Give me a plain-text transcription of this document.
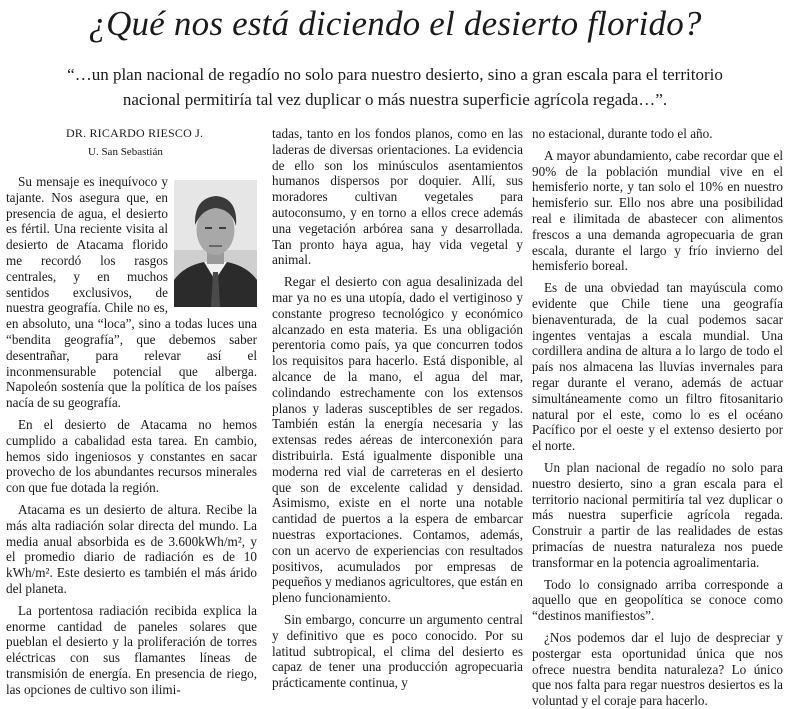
¿Qué nos está diciendo el desierto florido?
“…un plan nacional de regadío no solo para nuestro desierto, sino a gran escala para el territorio nacional permitiría tal vez duplicar o más nuestra superficie agrícola regada…”.
DR. RICARDO RIESCO J.
U. San Sebastián

Su mensaje es inequívoco y tajante. Nos asegura que, en presencia de agua, el desierto es fértil. Una reciente visita al desierto de Atacama florido me recordó los rasgos centrales, y en muchos sentidos exclusivos, de nuestra geografía. Chile no es, en absoluto, una “loca”, sino a todas luces una “bendita geografía”, que debemos saber desentrañar, para relevar así el inconmensurable potencial que alberga. Napoleón sostenía que la política de los países nacía de su geografía.

En el desierto de Atacama no hemos cumplido a cabalidad esta tarea. En cambio, hemos sido ingeniosos y constantes en sacar provecho de los abundantes recursos minerales con que fue dotada la región.

Atacama es un desierto de altura. Recibe la más alta radiación solar directa del mundo. La media anual absorbida es de 3.600kWh/m², y el promedio diario de radiación es de 10 kWh/m². Este desierto es también el más árido del planeta.

La portentosa radiación recibida explica la enorme cantidad de paneles solares que pueblan el desierto y la proliferación de torres eléctricas con sus flamantes líneas de transmisión de energía. En presencia de riego, las opciones de cultivo son ilimi-

tadas, tanto en los fondos planos, como en las laderas de diversas orientaciones. La evidencia de ello son los minúsculos asentamientos humanos dispersos por doquier. Allí, sus moradores cultivan vegetales para autoconsumo, y en torno a ellos crece además una vegetación arbórea sana y desarrollada. Tan pronto haya agua, hay vida vegetal y animal.

Regar el desierto con agua desalinizada del mar ya no es una utopía, dado el vertiginoso y constante progreso tecnológico y económico alcanzado en esta materia. Es una obligación perentoria como país, ya que concurren todos los requisitos para hacerlo. Está disponible, al alcance de la mano, el agua del mar, colindando estrechamente con los extensos planos y laderas susceptibles de ser regados. También están la energía necesaria y las extensas redes aéreas de interconexión para distribuirla. Está igualmente disponible una moderna red vial de carreteras en el desierto que son de excelente calidad y densidad. Asimismo, existe en el norte una notable cantidad de puertos a la espera de embarcar nuestras exportaciones. Contamos, además, con un acervo de experiencias con resultados positivos, acumulados por empresas de pequeños y medianos agricultores, que están en pleno funcionamiento.

Sin embargo, concurre un argumento central y definitivo que es poco conocido. Por su latitud subtropical, el clima del desierto es capaz de tener una producción agropecuaria prácticamente continua, y

no estacional, durante todo el año.

A mayor abundamiento, cabe recordar que el 90% de la población mundial vive en el hemisferio norte, y tan solo el 10% en nuestro hemisferio sur. Ello nos abre una posibilidad real e ilimitada de abastecer con alimentos frescos a una demanda agropecuaria de gran escala, durante el largo y frío invierno del hemisferio boreal.

Es de una obviedad tan mayúscula como evidente que Chile tiene una geografía bienaventurada, de la cual podemos sacar ingentes ventajas a escala mundial. Una cordillera andina de altura a lo largo de todo el país nos almacena las lluvias invernales para regar durante el verano, además de actuar simultáneamente como un filtro fitosanitario natural por el este, como lo es el océano Pacífico por el oeste y el extenso desierto por el norte.

Un plan nacional de regadío no solo para nuestro desierto, sino a gran escala para el territorio nacional permitiría tal vez duplicar o más nuestra superficie agrícola regada. Construir a partir de las realidades de estas primacías de nuestra naturaleza nos puede transformar en la potencia agroalimentaria.

Todo lo consignado arriba corresponde a aquello que en geopolítica se conoce como “destinos manifiestos”.

¿Nos podemos dar el lujo de despreciar y postergar esta oportunidad única que nos ofrece nuestra bendita naturaleza? Lo único que nos falta para regar nuestros desiertos es la voluntad y el coraje para hacerlo.
